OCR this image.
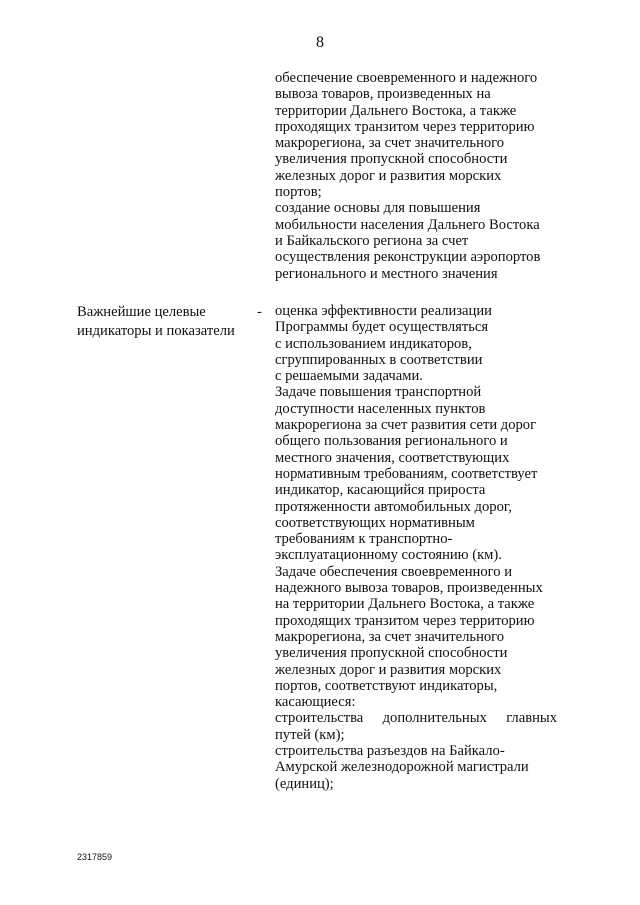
8

обеспечение своевременного и надежного
вывоза товаров, произведенных на
территории Дальнего Востока, а также
проходящих транзитом через территорию
макрорегиона, за счет значительного
увеличения пропускной способности
железных дорог и развития морских
портов;

создание основы для повышения
мобильности населения Дальнего Востока
и Байкальского региона за счет
осуществления реконструкции аэропортов
регионального и местного значения

Важнейшие целевые
индикаторы и показатели
- оценка эффективности реализации
Программы будет осуществляться
с использованием индикаторов,
сгруппированных в соответствии
с решаемыми задачами.

Задаче повышения транспортной
доступности населенных пунктов
макрорегиона за счет развития сети дорог
общего пользования регионального и
местного значения, соответствующих
нормативным требованиям, соответствует
индикатор, касающийся прироста
протяженности автомобильных дорог,
соответствующих нормативным
требованиям к транспортно-
эксплуатационному состоянию (км).

Задаче обеспечения своевременного и
надежного вывоза товаров, произведенных
на территории Дальнего Востока, а также
проходящих транзитом через территорию
макрорегиона, за счет значительного
увеличения пропускной способности
железных дорог и развития морских
портов, соответствуют индикаторы,
касающиеся:

строительства дополнительных главных

путей (км);

строительства разъездов на Байкало-
Амурской железнодорожной магистрали
(единиц);

2317859
